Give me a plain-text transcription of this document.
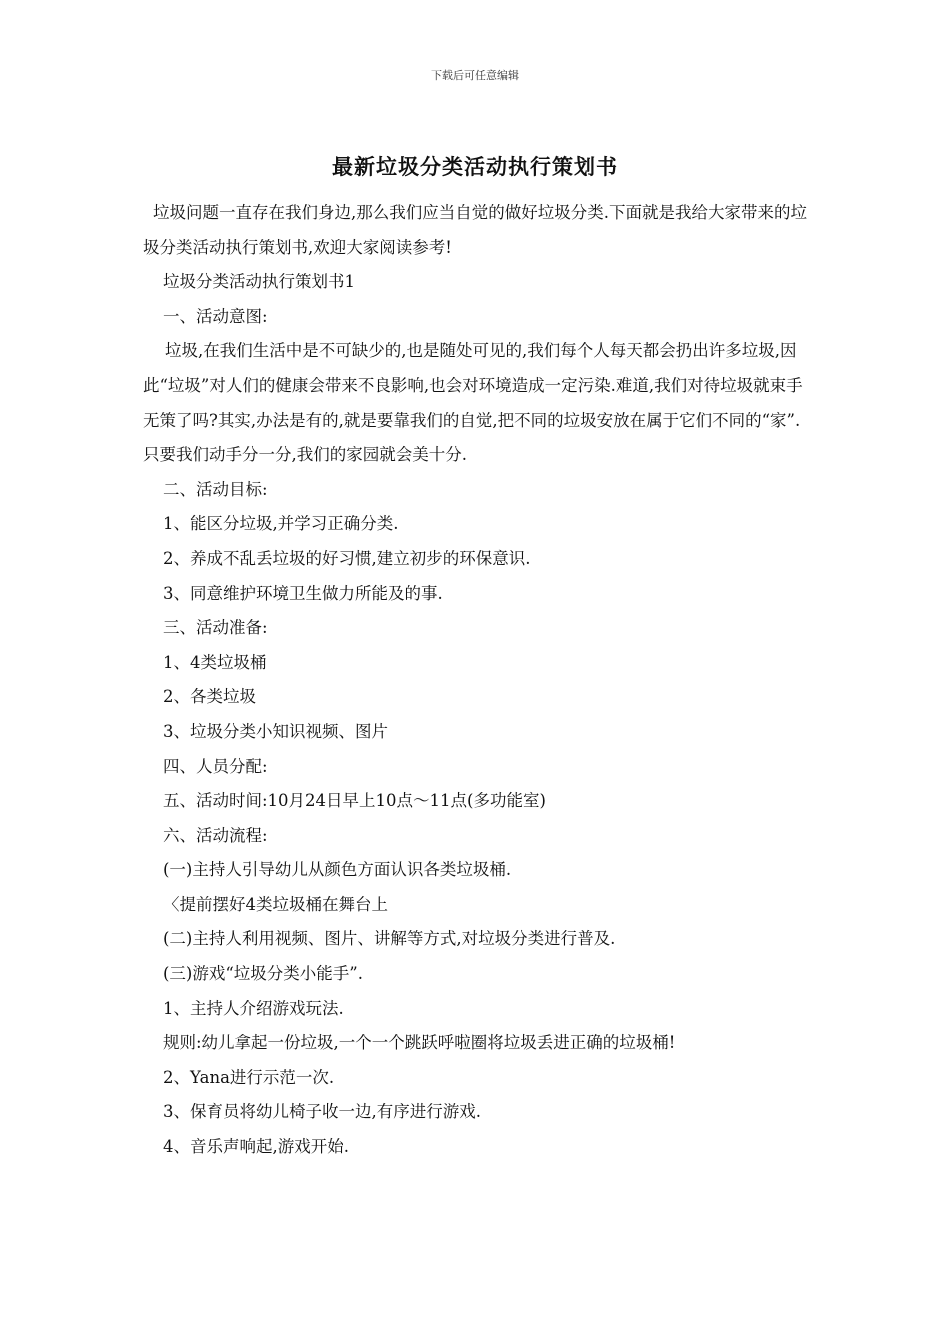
下载后可任意编辑
最新垃圾分类活动执行策划书

垃圾问题一直存在我们身边,那么我们应当自觉的做好垃圾分类.下面就是我给大家带来的垃圾分类活动执行策划书,欢迎大家阅读参考!

垃圾分类活动执行策划书1

一、活动意图:

垃圾,在我们生活中是不可缺少的,也是随处可见的,我们每个人每天都会扔出许多垃圾,因此“垃圾”对人们的健康会带来不良影响,也会对环境造成一定污染.难道,我们对待垃圾就束手无策了吗?其实,办法是有的,就是要靠我们的自觉,把不同的垃圾安放在属于它们不同的“家”.只要我们动手分一分,我们的家园就会美十分.

二、活动目标:

1、能区分垃圾,并学习正确分类.

2、养成不乱丢垃圾的好习惯,建立初步的环保意识.

3、同意维护环境卫生做力所能及的事.

三、活动准备:

1、4类垃圾桶

2、各类垃圾

3、垃圾分类小知识视频、图片

四、人员分配:

五、活动时间:10月24日早上10点～11点(多功能室)

六、活动流程:

(一)主持人引导幼儿从颜色方面认识各类垃圾桶.

〈提前摆好4类垃圾桶在舞台上

(二)主持人利用视频、图片、讲解等方式,对垃圾分类进行普及.

(三)游戏“垃圾分类小能手”.

1、主持人介绍游戏玩法.

规则:幼儿拿起一份垃圾,一个一个跳跃呼啦圈将垃圾丢进正确的垃圾桶!

2、Yana进行示范一次.

3、保育员将幼儿椅子收一边,有序进行游戏.

4、音乐声响起,游戏开始.
